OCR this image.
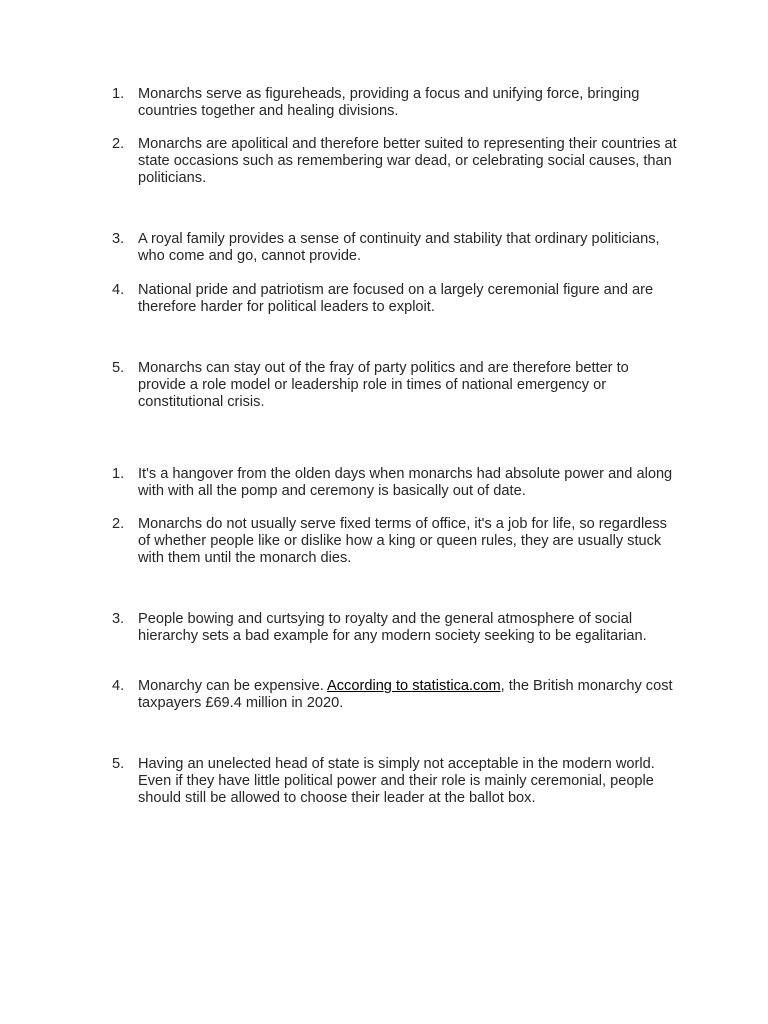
1. Monarchs serve as figureheads, providing a focus and unifying force, bringing countries together and healing divisions.
2. Monarchs are apolitical and therefore better suited to representing their countries at state occasions such as remembering war dead, or celebrating social causes, than politicians.
3. A royal family provides a sense of continuity and stability that ordinary politicians, who come and go, cannot provide.
4. National pride and patriotism are focused on a largely ceremonial figure and are therefore harder for political leaders to exploit.
5. Monarchs can stay out of the fray of party politics and are therefore better to provide a role model or leadership role in times of national emergency or constitutional crisis.
1. It's a hangover from the olden days when monarchs had absolute power and along with with all the pomp and ceremony is basically out of date.
2. Monarchs do not usually serve fixed terms of office, it's a job for life, so regardless of whether people like or dislike how a king or queen rules, they are usually stuck with them until the monarch dies.
3. People bowing and curtsying to royalty and the general atmosphere of social hierarchy sets a bad example for any modern society seeking to be egalitarian.
4. Monarchy can be expensive. According to statistica.com, the British monarchy cost taxpayers £69.4 million in 2020.
5. Having an unelected head of state is simply not acceptable in the modern world. Even if they have little political power and their role is mainly ceremonial, people should still be allowed to choose their leader at the ballot box.
